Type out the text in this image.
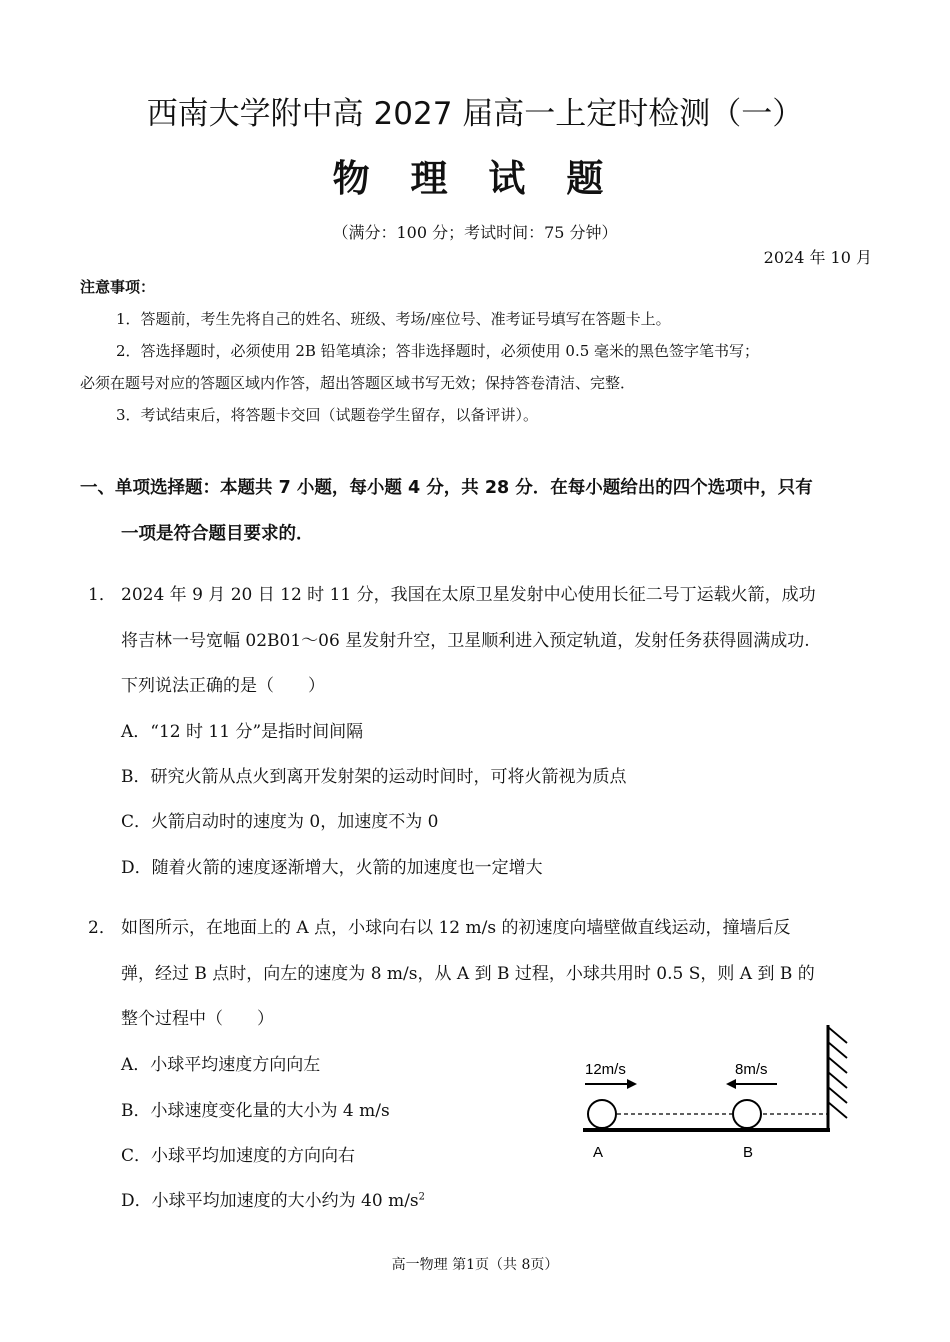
西南大学附中高 2027 届高一上定时检测（一）
物 理 试 题
（满分：100 分；考试时间：75 分钟）
2024 年 10 月
注意事项：
1．答题前，考生先将自己的姓名、班级、考场/座位号、准考证号填写在答题卡上。
2．答选择题时，必须使用 2B 铅笔填涂；答非选择题时，必须使用 0.5 毫米的黑色签字笔书写；
必须在题号对应的答题区域内作答，超出答题区域书写无效；保持答卷清洁、完整．
3．考试结束后，将答题卡交回（试题卷学生留存，以备评讲）。
一、单项选择题：本题共 7 小题，每小题 4 分，共 28 分．在每小题给出的四个选项中，只有
一项是符合题目要求的．
1． 2024 年 9 月 20 日 12 时 11 分，我国在太原卫星发射中心使用长征二号丁运载火箭，成功
将吉林一号宽幅 02B01～06 星发射升空，卫星顺利进入预定轨道，发射任务获得圆满成功.
下列说法正确的是（　　）
A．“12 时 11 分”是指时间间隔
B．研究火箭从点火到离开发射架的运动时间时，可将火箭视为质点
C．火箭启动时的速度为 0，加速度不为 0
D．随着火箭的速度逐渐增大，火箭的加速度也一定增大
2． 如图所示，在地面上的 A 点，小球向右以 12 m/s 的初速度向墙壁做直线运动，撞墙后反
弹，经过 B 点时，向左的速度为 8 m/s，从 A 到 B 过程，小球共用时 0.5 S，则 A 到 B 的
整个过程中（　　）
A．小球平均速度方向向左
B．小球速度变化量的大小为 4 m/s
C．小球平均加速度的方向向右
D．小球平均加速度的大小约为 40 $m/s^2$
12m/s	8m/s
A	B
高一物理 第1页（共 8页）
